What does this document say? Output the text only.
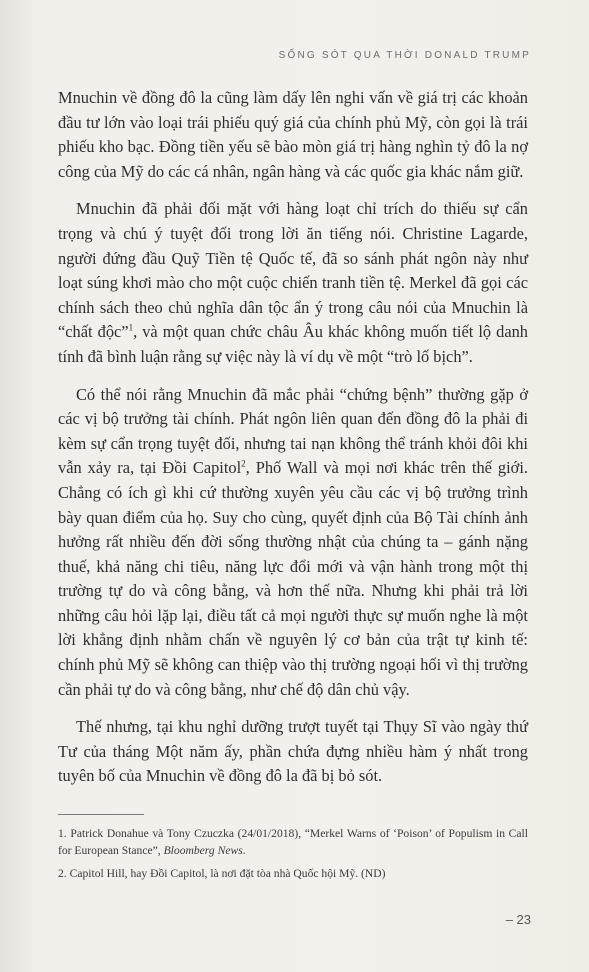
SỐNG SÓT QUA THỜI DONALD TRUMP

Mnuchin về đồng đô la cũng làm dấy lên nghi vấn về giá trị các khoản đầu tư lớn vào loại trái phiếu quý giá của chính phủ Mỹ, còn gọi là trái phiếu kho bạc. Đồng tiền yếu sẽ bào mòn giá trị hàng nghìn tỷ đô la nợ công của Mỹ do các cá nhân, ngân hàng và các quốc gia khác nắm giữ.

Mnuchin đã phải đối mặt với hàng loạt chỉ trích do thiếu sự cẩn trọng và chú ý tuyệt đối trong lời ăn tiếng nói. Christine Lagarde, người đứng đầu Quỹ Tiền tệ Quốc tế, đã so sánh phát ngôn này như loạt súng khơi mào cho một cuộc chiến tranh tiền tệ. Merkel đã gọi các chính sách theo chủ nghĩa dân tộc ẩn ý trong câu nói của Mnuchin là “chất độc”$^1$, và một quan chức châu Âu khác không muốn tiết lộ danh tính đã bình luận rằng sự việc này là ví dụ về một “trò lố bịch”.

Có thể nói rằng Mnuchin đã mắc phải “chứng bệnh” thường gặp ở các vị bộ trưởng tài chính. Phát ngôn liên quan đến đồng đô la phải đi kèm sự cẩn trọng tuyệt đối, nhưng tai nạn không thể tránh khỏi đôi khi vẫn xảy ra, tại Đồi Capitol$^2$, Phố Wall và mọi nơi khác trên thế giới. Chẳng có ích gì khi cứ thường xuyên yêu cầu các vị bộ trưởng trình bày quan điểm của họ. Suy cho cùng, quyết định của Bộ Tài chính ảnh hưởng rất nhiều đến đời sống thường nhật của chúng ta – gánh nặng thuế, khả năng chi tiêu, năng lực đổi mới và vận hành trong một thị trường tự do và công bằng, và hơn thế nữa. Nhưng khi phải trả lời những câu hỏi lặp lại, điều tất cả mọi người thực sự muốn nghe là một lời khẳng định nhằm chấn về nguyên lý cơ bản của trật tự kinh tế: chính phủ Mỹ sẽ không can thiệp vào thị trường ngoại hối vì thị trường cần phải tự do và công bằng, như chế độ dân chủ vậy.

Thế nhưng, tại khu nghỉ dưỡng trượt tuyết tại Thụy Sĩ vào ngày thứ Tư của tháng Một năm ấy, phần chứa đựng nhiều hàm ý nhất trong tuyên bố của Mnuchin về đồng đô la đã bị bỏ sót.

1. Patrick Donahue và Tony Czuczka (24/01/2018), “Merkel Warns of ‘Poison’ of Populism in Call for European Stance”, Bloomberg News.

2. Capitol Hill, hay Đồi Capitol, là nơi đặt tòa nhà Quốc hội Mỹ. (ND)

– 23
